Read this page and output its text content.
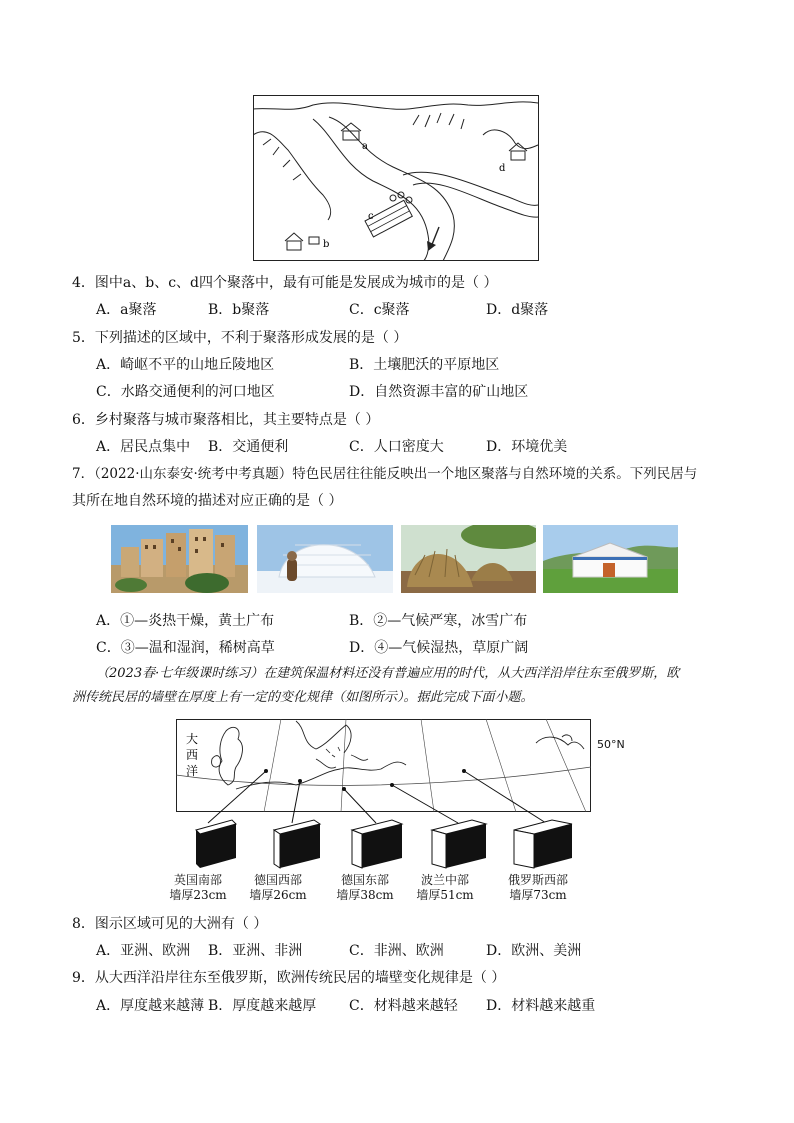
a
b
c
d
4．图中a、b、c、d四个聚落中，最有可能是发展成为城市的是（ ）
A．a聚落	B．b聚落	C．c聚落	D．d聚落
5．下列描述的区域中，不利于聚落形成发展的是（ ）
A．崎岖不平的山地丘陵地区	B．土壤肥沃的平原地区
C．水路交通便利的河口地区	D．自然资源丰富的矿山地区
6．乡村聚落与城市聚落相比，其主要特点是（ ）
A．居民点集中 B．交通便利	C．人口密度大	D．环境优美
7．（2022·山东泰安·统考中考真题）特色民居往往能反映出一个地区聚落与自然环境的关系。下列民居与
其所在地自然环境的描述对应正确的是（ ）
A．①—炎热干燥，黄土广布	B．②—气候严寒，冰雪广布
C．③—温和湿润，稀树高草	D．④—气候湿热，草原广阔
（2023春·七年级课时练习）在建筑保温材料还没有普遍应用的时代，从大西洋沿岸往东至俄罗斯，欧
洲传统民居的墙壁在厚度上有一定的变化规律（如图所示）。据此完成下面小题。
大
西
洋
50°N
英国南部
墙厚23cm
德国西部
墙厚26cm
德国东部
墙厚38cm
波兰中部
墙厚51cm
俄罗斯西部
墙厚73cm
8．图示区域可见的大洲有（ ）
A．亚洲、欧洲 B．亚洲、非洲	C．非洲、欧洲	D．欧洲、美洲
9．从大西洋沿岸往东至俄罗斯，欧洲传统民居的墙壁变化规律是（ ）
A．厚度越来越薄 B．厚度越来越厚 C．材料越来越轻 D．材料越来越重
